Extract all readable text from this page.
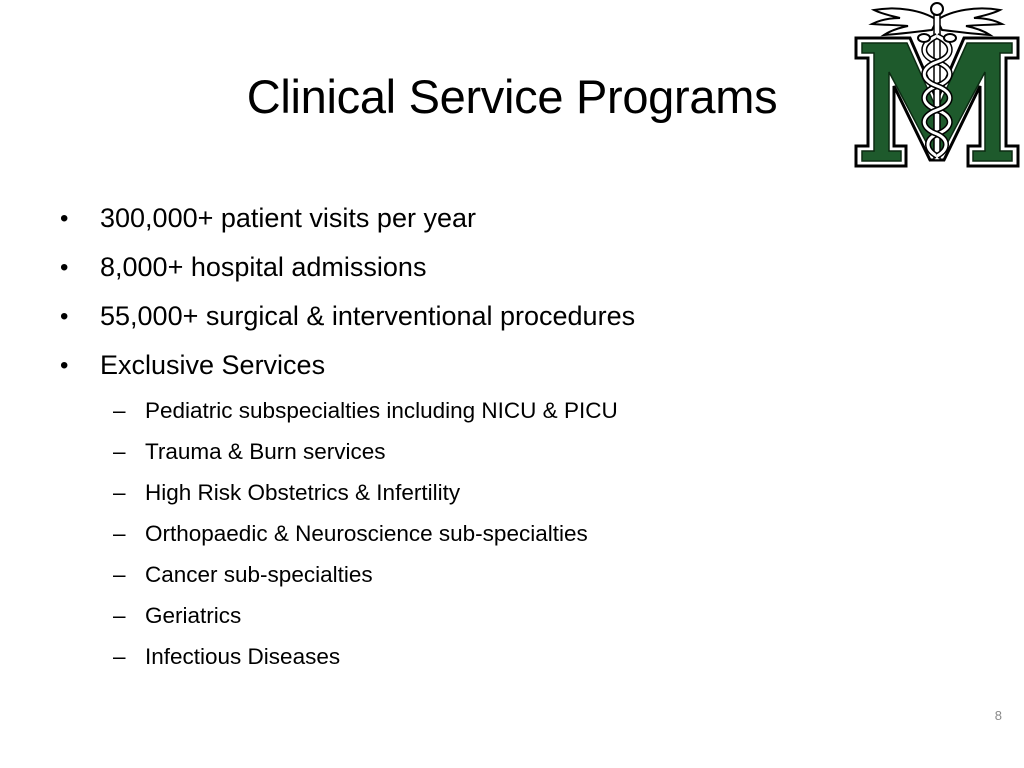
Clinical Service Programs
• 300,000+ patient visits per year
• 8,000+ hospital admissions
• 55,000+ surgical & interventional procedures
• Exclusive Services
– Pediatric subspecialties including NICU & PICU
– Trauma & Burn services
– High Risk Obstetrics & Infertility
– Orthopaedic & Neuroscience sub-specialties
– Cancer sub-specialties
– Geriatrics
– Infectious Diseases
8
